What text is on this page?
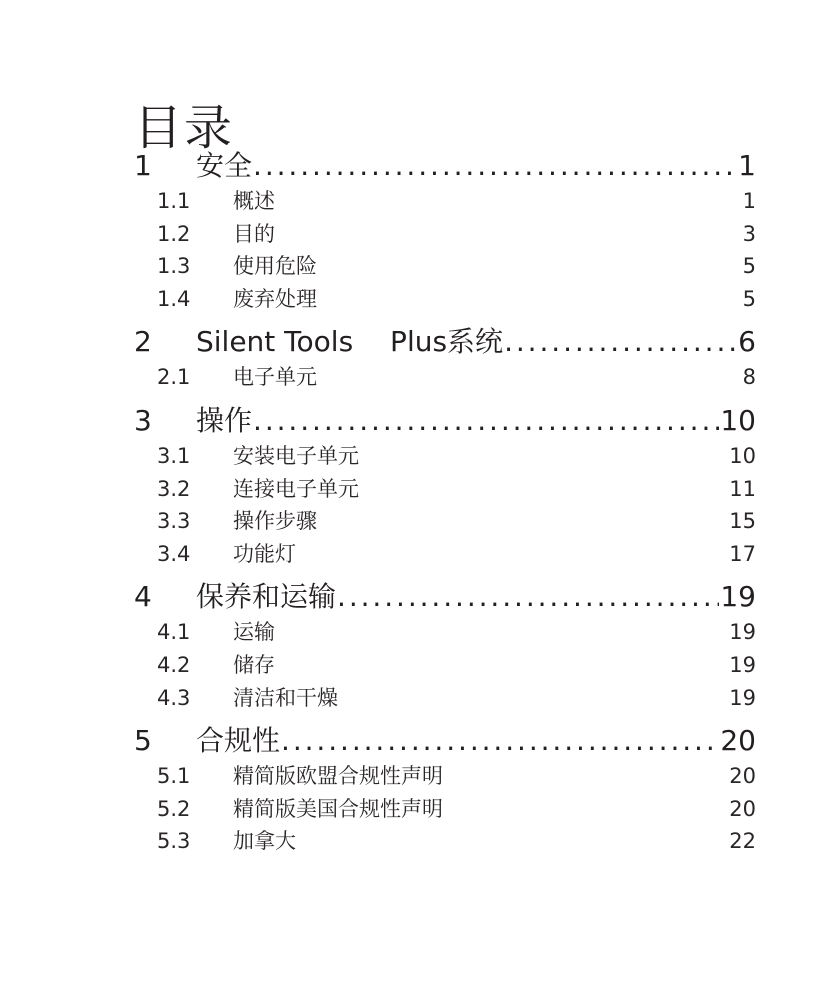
目录
1	安全 . . .	1
1.1	概述	1
1.2	目的	3
1.3	使用危险	5
1.4	废弃处理	5
2	Silent Tools  Plus系统 . . .	6
2.1	电子单元	8
3	操作 . . .	10
3.1	安装电子单元	10
3.2	连接电子单元	11
3.3	操作步骤	15
3.4	功能灯	17
4	保养和运输 . . .	19
4.1	运输	19
4.2	储存	19
4.3	清洁和干燥	19
5	合规性 . . .	20
5.1	精简版欧盟合规性声明	20
5.2	精简版美国合规性声明	20
5.3	加拿大	22
